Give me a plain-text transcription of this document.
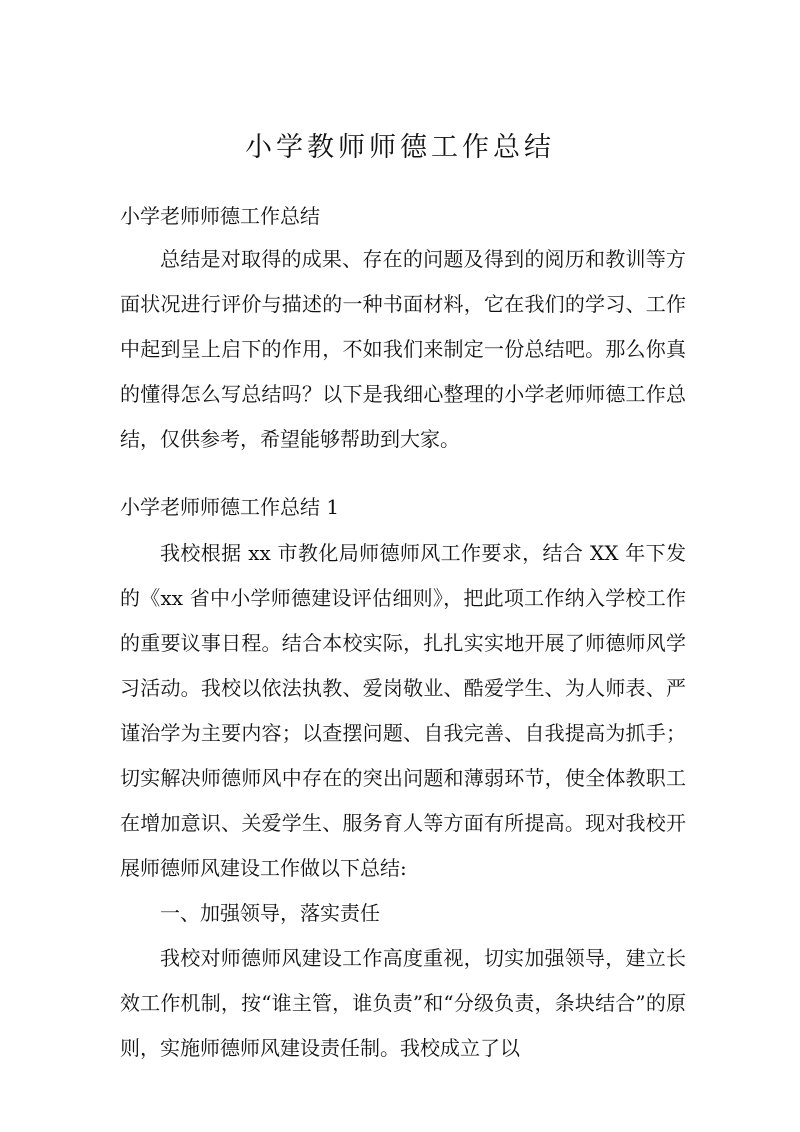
小学教师师德工作总结

小学老师师德工作总结

总结是对取得的成果、存在的问题及得到的阅历和教训等方面状况进行评价与描述的一种书面材料，它在我们的学习、工作中起到呈上启下的作用，不如我们来制定一份总结吧。那么你真的懂得怎么写总结吗？以下是我细心整理的小学老师师德工作总结，仅供参考，希望能够帮助到大家。

小学老师师德工作总结 1

我校根据 xx 市教化局师德师风工作要求，结合 XX 年下发的《xx 省中小学师德建设评估细则》，把此项工作纳入学校工作的重要议事日程。结合本校实际，扎扎实实地开展了师德师风学习活动。我校以依法执教、爱岗敬业、酷爱学生、为人师表、严谨治学为主要内容；以查摆问题、自我完善、自我提高为抓手；切实解决师德师风中存在的突出问题和薄弱环节，使全体教职工在增加意识、关爱学生、服务育人等方面有所提高。现对我校开展师德师风建设工作做以下总结:

一、加强领导，落实责任

我校对师德师风建设工作高度重视，切实加强领导，建立长效工作机制，按“谁主管，谁负责”和“分级负责，条块结合”的原则，实施师德师风建设责任制。我校成立了以
